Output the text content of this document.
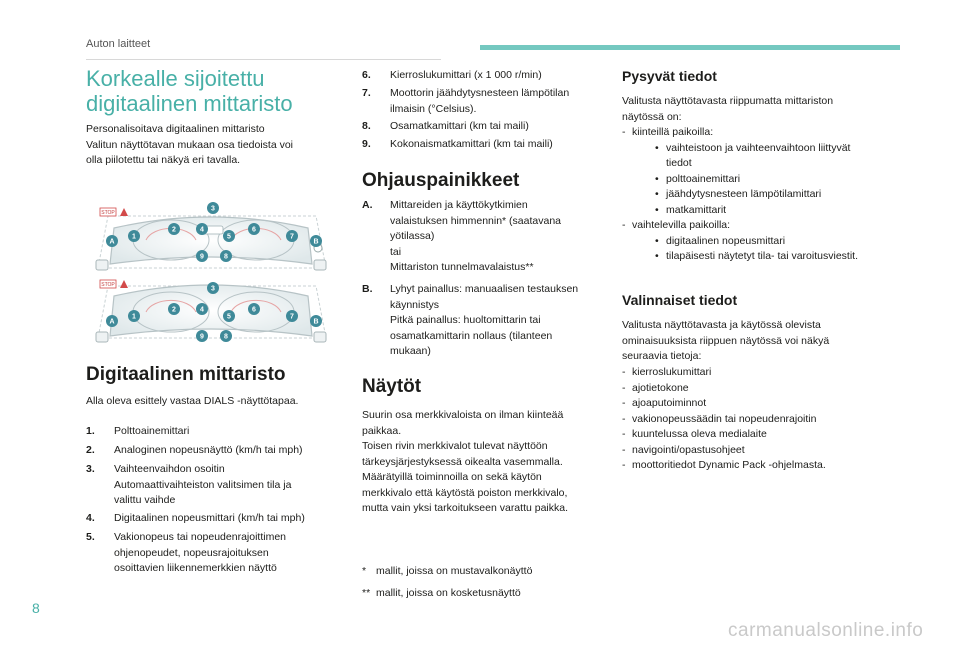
Auton laitteet
Korkealle sijoitettu
digitaalinen mittaristo
Personalisoitava digitaalinen mittaristo
Valitun näyttötavan mukaan osa tiedoista voi
olla piilotettu tai näkyä eri tavalla.
STOP
STOP
A
1
2
3
4
5
6
7
B
9	8
A
1
2
3
4
5
6
7
B
9	8
Digitaalinen mittaristo
Alla oleva esittely vastaa DIALS -näyttötapaa.
1. Polttoainemittari
2. Analoginen nopeusnäyttö (km/h tai mph)
3. Vaihteenvaihdon osoitin
Automaattivaihteiston valitsimen tila ja
valittu vaihde
4. Digitaalinen nopeusmittari (km/h tai mph)
5. Vakionopeus tai nopeudenrajoittimen
ohjenopeudet, nopeusrajoituksen
osoittavien liikennemerkkien näyttö
6. Kierroslukumittari (x 1 000 r/min)
7. Moottorin jäähdytysnesteen lämpötilan
ilmaisin (°Celsius).
8. Osamatkamittari (km tai maili)
9. Kokonaismatkamittari (km tai maili)
Ohjauspainikkeet
A. Mittareiden ja käyttökytkimien
valaistuksen himmennin* (saatavana
yötilassa)
tai
Mittariston tunnelmavalaistus**
B. Lyhyt painallus: manuaalisen testauksen
käynnistys
Pitkä painallus: huoltomittarin tai
osamatkamittarin nollaus (tilanteen
mukaan)
Näytöt
Suurin osa merkkivaloista on ilman kiinteää
paikkaa.
Toisen rivin merkkivalot tulevat näyttöön
tärkeysjärjestyksessä oikealta vasemmalla.
Määrätyillä toiminnoilla on sekä käytön
merkkivalo että käytöstä poiston merkkivalo,
mutta vain yksi tarkoitukseen varattu paikka.
* mallit, joissa on mustavalkonäyttö
** mallit, joissa on kosketusnäyttö
Pysyvät tiedot
Valitusta näyttötavasta riippumatta mittariston
näytössä on:
- kiinteillä paikoilla:
• vaihteistoon ja vaihteenvaihtoon liittyvät
tiedot
• polttoainemittari
• jäähdytysnesteen lämpötilamittari
• matkamittarit
- vaihtelevilla paikoilla:
• digitaalinen nopeusmittari
• tilapäisesti näytetyt tila- tai varoitusviestit.
Valinnaiset tiedot
Valitusta näyttötavasta ja käytössä olevista
ominaisuuksista riippuen näytössä voi näkyä
seuraavia tietoja:
- kierroslukumittari
- ajotietokone
- ajoaputoiminnot
- vakionopeussäädin tai nopeudenrajoitin
- kuuntelussa oleva medialaite
- navigointi/opastusohjeet
- moottoritiedot Dynamic Pack -ohjelmasta.
8
carmanualsonline.info
